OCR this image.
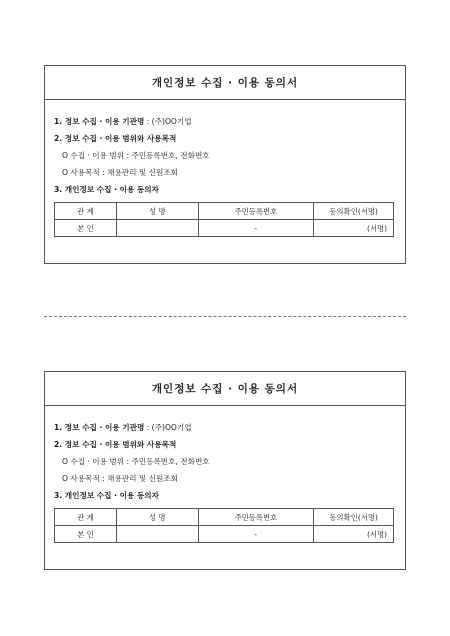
개인정보 수집 · 이용 동의서
1. 정보 수집 · 이용 기관명 : (주)OO기업
2. 정보 수집 · 이용 범위와 사용목적
O 수집 · 이용 범위 : 주민등록번호, 전화번호
O 사용목적 : 채용관리 및 신원조회
3. 개인정보 수집 · 이용 동의자
관 계	성 명	주민등록번호	동의확인(서명)
본 인		-	(서명)
개인정보 수집 · 이용 동의서
1. 정보 수집 · 이용 기관명 : (주)OO기업
2. 정보 수집 · 이용 범위와 사용목적
O 수집 · 이용 범위 : 주민등록번호, 전화번호
O 사용목적 : 채용관리 및 신원조회
3. 개인정보 수집 · 이용 동의자
관 계	성 명	주민등록번호	동의확인(서명)
본 인		-	(서명)
